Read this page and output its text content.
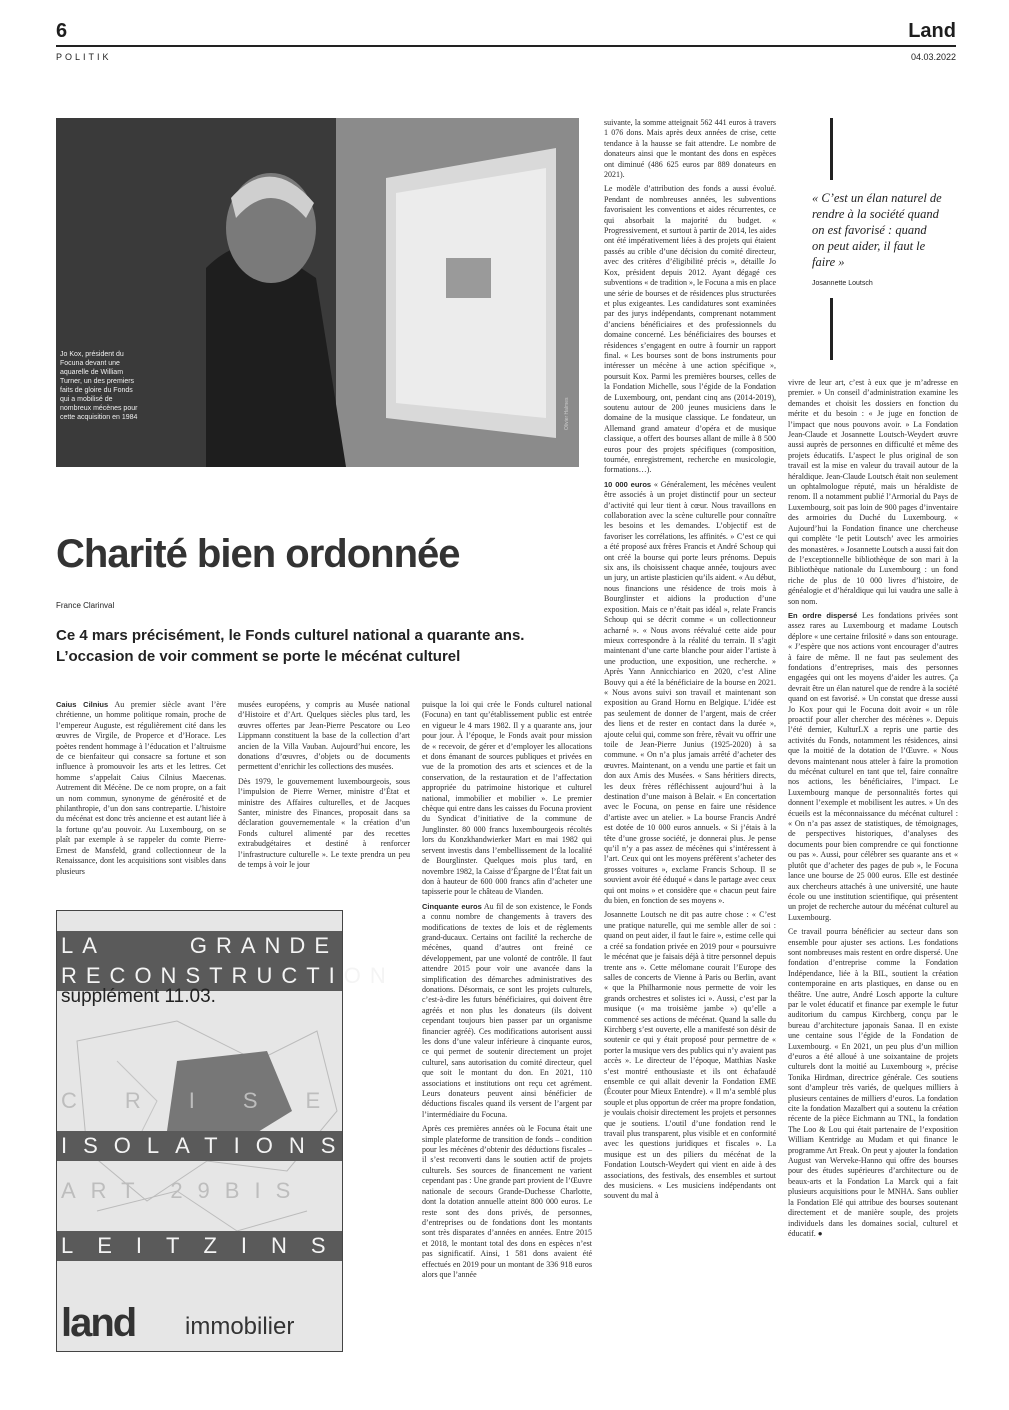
6
POLITIK
Land
04.03.2022
Jo Kox, président du Focuna devant une aquarelle de William Turner, un des premiers faits de gloire du Fonds qui a mobilisé de nombreux mécènes pour cette acquisition en 1984	Olivier Halmes
Charité bien ordonnée
France Clarinval
Ce 4 mars précisément, le Fonds culturel national a quarante ans. L’occasion de voir comment se porte le mécénat culturel

Caius Cilnius Au premier siècle avant l’ère chrétienne, un homme politique romain, proche de l’empereur Auguste, est régulièrement cité dans les œuvres de Virgile, de Properce et d’Horace. Les poètes rendent hommage à l’éducation et l’altruisme de ce bienfaiteur qui consacre sa fortune et son influence à promouvoir les arts et les lettres. Cet homme s’appelait Caius Cilnius Maecenas. Autrement dit Mécène. De ce nom propre, on a fait un nom commun, synonyme de générosité et de philanthropie, d’un don sans contrepartie. L’histoire du mécénat est donc très ancienne et est autant liée à la fortune qu’au pouvoir. Au Luxembourg, on se plaît par exemple à se rappeler du comte Pierre-Ernest de Mansfeld, grand collectionneur de la Renaissance, dont les acquisitions sont visibles dans plusieurs

musées européens, y compris au Musée national d’Histoire et d’Art. Quelques siècles plus tard, les œuvres offertes par Jean-Pierre Pescatore ou Leo Lippmann constituent la base de la collection d’art ancien de la Villa Vauban. Aujourd’hui encore, les donations d’œuvres, d’objets ou de documents permettent d’enrichir les collections des musées.

Dès 1979, le gouvernement luxembourgeois, sous l’impulsion de Pierre Werner, ministre d’État et ministre des Affaires culturelles, et de Jacques Santer, ministre des Finances, proposait dans sa déclaration gouvernementale « la création d’un Fonds culturel alimenté par des recettes extrabudgétaires et destiné à renforcer l’infrastructure culturelle ». Le texte prendra un peu de temps à voir le jour

puisque la loi qui crée le Fonds culturel national (Focuna) en tant qu’établissement public est entrée en vigueur le 4 mars 1982. Il y a quarante ans, jour pour jour. À l’époque, le Fonds avait pour mission de « recevoir, de gérer et d’employer les allocations et dons émanant de sources publiques et privées en vue de la promotion des arts et sciences et de la conservation, de la restauration et de l’affectation appropriée du patrimoine historique et culturel national, immobilier et mobilier ». Le premier chèque qui entre dans les caisses du Focuna provient du Syndicat d’initiative de la commune de Junglinster. 80 000 francs luxembourgeois récoltés lors du Konzkhandwierker Mart en mai 1982 qui servent investis dans l’embellissement de la localité de Bourglinster. Quelques mois plus tard, en novembre 1982, la Caisse d’Épargne de l’État fait un don à hauteur de 600 000 francs afin d’acheter une tapisserie pour le château de Vianden.

Cinquante euros Au fil de son existence, le Fonds a connu nombre de changements à travers des modifications de textes de lois et de règlements grand-ducaux. Certains ont facilité la recherche de mécènes, quand d’autres ont freiné ce développement, par une volonté de contrôle. Il faut attendre 2015 pour voir une avancée dans la simplification des démarches administratives des donations. Désormais, ce sont les projets culturels, c’est-à-dire les futurs bénéficiaires, qui doivent être agréés et non plus les donateurs (ils doivent cependant toujours bien passer par un organisme financier agréé). Ces modifications autorisent aussi les dons d’une valeur inférieure à cinquante euros, ce qui permet de soutenir directement un projet culturel, sans autorisation du comité directeur, quel que soit le montant du don. En 2021, 110 associations et institutions ont reçu cet agrément. Leurs donateurs peuvent ainsi bénéficier de déductions fiscales quand ils versent de l’argent par l’intermédiaire du Focuna.

Après ces premières années où le Focuna était une simple plateforme de transition de fonds – condition pour les mécènes d’obtenir des déductions fiscales – il s’est reconverti dans le soutien actif de projets culturels. Ses sources de financement ne varient cependant pas : Une grande part provient de l’Œuvre nationale de secours Grande-Duchesse Charlotte, dont la dotation annuelle atteint 800 000 euros. Le reste sont des dons privés, de personnes, d’entreprises ou de fondations dont les montants sont très disparates d’années en années. Entre 2015 et 2018, le montant total des dons en espèces n’est pas significatif. Ainsi, 1 581 dons avaient été effectués en 2019 pour un montant de 336 918 euros alors que l’année

suivante, la somme atteignait 562 441 euros à travers 1 076 dons. Mais après deux années de crise, cette tendance à la hausse se fait attendre. Le nombre de donateurs ainsi que le montant des dons en espèces ont diminué (486 625 euros par 889 donateurs en 2021).

Le modèle d’attribution des fonds a aussi évolué. Pendant de nombreuses années, les subventions favorisaient les conventions et aides récurrentes, ce qui absorbait la majorité du budget. « Progressivement, et surtout à partir de 2014, les aides ont été impérativement liées à des projets qui étaient passés au crible d’une décision du comité directeur, avec des critères d’éligibilité précis », détaille Jo Kox, président depuis 2012. Ayant dégagé ces subventions « de tradition », le Focuna a mis en place une série de bourses et de résidences plus structurées et plus exigeantes. Les candidatures sont examinées par des jurys indépendants, comprenant notamment d’anciens bénéficiaires et des professionnels du domaine concerné. Les bénéficiaires des bourses et résidences s’engagent en outre à fournir un rapport final. « Les bourses sont de bons instruments pour intéresser un mécène à une action spécifique », poursuit Kox. Parmi les premières bourses, celles de la Fondation Michelle, sous l’égide de la Fondation de Luxembourg, ont, pendant cinq ans (2014-2019), soutenu autour de 200 jeunes musiciens dans le domaine de la musique classique. Le fondateur, un Allemand grand amateur d’opéra et de musique classique, a offert des bourses allant de mille à 8 500 euros pour des projets spécifiques (composition, tournée, enregistrement, recherche en musicologie, formations…).

10 000 euros « Généralement, les mécènes veulent être associés à un projet distinctif pour un secteur d’activité qui leur tient à cœur. Nous travaillons en collaboration avec la scène culturelle pour connaître les besoins et les demandes. L’objectif est de favoriser les corrélations, les affinités. » C’est ce qui a été proposé aux frères Francis et André Schoup qui ont créé la bourse qui porte leurs prénoms. Depuis six ans, ils choisissent chaque année, toujours avec un jury, un artiste plasticien qu’ils aident. « Au début, nous financions une résidence de trois mois à Bourglinster et aidions la production d’une exposition. Mais ce n’était pas idéal », relate Francis Schoup qui se décrit comme « un collectionneur acharné ». « Nous avons réévalué cette aide pour mieux correspondre à la réalité du terrain. Il s’agit maintenant d’une carte blanche pour aider l’artiste à une production, une exposition, une recherche. » Après Yann Annicchiarico en 2020, c’est Aline Bouvy qui a été la bénéficiaire de la bourse en 2021. « Nous avons suivi son travail et maintenant son exposition au Grand Hornu en Belgique. L’idée est pas seulement de donner de l’argent, mais de créer des liens et de rester en contact dans la durée », ajoute celui qui, comme son frère, rêvait vu offrir une toile de Jean-Pierre Junius (1925-2020) à sa commune. « On n’a plus jamais arrêté d’acheter des œuvres. Maintenant, on a vendu une partie et fait un don aux Amis des Musées. « Sans héritiers directs, les deux frères réfléchissent aujourd’hui à la destination d’une maison à Belair. « En concertation avec le Focuna, on pense en faire une résidence d’artiste avec un atelier. » La bourse Francis André est dotée de 10 000 euros annuels. « Si j’étais à la tête d’une grosse société, je donnerai plus. Je pense qu’il n’y a pas assez de mécènes qui s’intéressent à l’art. Ceux qui ont les moyens préfèrent s’acheter des grosses voitures », exclame Francis Schoup. Il se souvient avoir été éduqué « dans le partage avec ceux qui ont moins » et considère que « chacun peut faire du bien, en fonction de ses moyens ».

Josannette Loutsch ne dit pas autre chose : « C’est une pratique naturelle, qui me semble aller de soi : quand on peut aider, il faut le faire », estime celle qui a créé sa fondation privée en 2019 pour « poursuivre le mécénat que je faisais déjà à titre personnel depuis trente ans ». Cette mélomane courait l’Europe des salles de concerts de Vienne à Paris ou Berlin, avant « que la Philharmonie nous permette de voir les grands orchestres et solistes ici ». Aussi, c’est par la musique (« ma troisième jambe ») qu’elle a commencé ses actions de mécénat. Quand la salle du Kirchberg s’est ouverte, elle a manifesté son désir de soutenir ce qui y était proposé pour permettre de « porter la musique vers des publics qui n’y avaient pas accès ». Le directeur de l’époque, Matthias Naske s’est montré enthousiaste et ils ont échafaudé ensemble ce qui allait devenir la Fondation EME (Écouter pour Mieux Entendre). « Il m’a semblé plus souple et plus opportun de créer ma propre fondation, je voulais choisir directement les projets et personnes que je soutiens. L’outil d’une fondation rend le travail plus transparent, plus visible et en conformité avec les questions juridiques et fiscales ». La musique est un des piliers du mécénat de la Fondation Loutsch-Weydert qui vient en aide à des associations, des festivals, des ensembles et surtout des musiciens. « Les musiciens indépendants ont souvent du mal à

« C’est un élan naturel de rendre à la société quand on est favorisé : quand on peut aider, il faut le faire »
Josannette Loutsch

vivre de leur art, c’est à eux que je m’adresse en premier. » Un conseil d’administration examine les demandes et choisit les dossiers en fonction du mérite et du besoin : « Je juge en fonction de l’impact que nous pouvons avoir. » La Fondation Jean-Claude et Josannette Loutsch-Weydert œuvre aussi auprès de personnes en difficulté et même des projets éducatifs. L’aspect le plus original de son travail est la mise en valeur du travail autour de la héraldique. Jean-Claude Loutsch était non seulement un ophtalmologue réputé, mais un héraldiste de renom. Il a notamment publié l’Armorial du Pays de Luxembourg, soit pas loin de 900 pages d’inventaire des armoiries du Duché du Luxembourg. « Aujourd’hui la Fondation finance une chercheuse qui complète ‘le petit Loutsch’ avec les armoiries des monastères. » Josannette Loutsch a aussi fait don de l’exceptionnelle bibliothèque de son mari à la Bibliothèque nationale du Luxembourg : un fond riche de plus de 10 000 livres d’histoire, de généalogie et d’héraldique qui lui vaudra une salle à son nom.

En ordre dispersé Les fondations privées sont assez rares au Luxembourg et madame Loutsch déplore « une certaine frilosité » dans son entourage. « J’espère que nos actions vont encourager d’autres à faire de même. Il ne faut pas seulement des fondations d’entreprises, mais des personnes engagées qui ont les moyens d’aider les autres. Ça devrait être un élan naturel que de rendre à la société quand on est favorisé. » Un constat que dresse aussi Jo Kox pour qui le Focuna doit avoir « un rôle proactif pour aller chercher des mécènes ». Depuis l’été dernier, KulturLX a repris une partie des activités du Fonds, notamment les résidences, ainsi que la moitié de la dotation de l’Œuvre. « Nous devons maintenant nous atteler à faire la promotion du mécénat culturel en tant que tel, faire connaître nos actions, les bénéficiaires, l’impact. Le Luxembourg manque de personnalités fortes qui donnent l’exemple et mobilisent les autres. » Un des écueils est la méconnaissance du mécénat culturel : « On n’a pas assez de statistiques, de témoignages, de perspectives historiques, d’analyses des documents pour bien comprendre ce qui fonctionne ou pas ». Aussi, pour célébrer ses quarante ans et « plutôt que d’acheter des pages de pub », le Focuna lance une bourse de 25 000 euros. Elle est destinée aux chercheurs attachés à une université, une haute école ou une institution scientifique, qui présentent un projet de recherche autour du mécénat culturel au Luxembourg.

Ce travail pourra bénéficier au secteur dans son ensemble pour ajuster ses actions. Les fondations sont nombreuses mais restent en ordre dispersé. Une fondation d’entreprise comme la Fondation Indépendance, liée à la BIL, soutient la création contemporaine en arts plastiques, en danse ou en théâtre. Une autre, André Losch apporte la culture par le volet éducatif et finance par exemple le futur auditorium du campus Kirchberg, conçu par le bureau d’architecture japonais Sanaa. Il en existe une centaine sous l’égide de la Fondation de Luxembourg. « En 2021, un peu plus d’un million d’euros a été alloué à une soixantaine de projets culturels dont la moitié au Luxembourg », précise Tonika Hirdman, directrice générale. Ces soutiens sont d’ampleur très variés, de quelques milliers à plusieurs centaines de milliers d’euros. La fondation cite la fondation Mazalbert qui a soutenu la création récente de la pièce Eichmann au TNL, la fondation The Loo & Lou qui était partenaire de l’exposition William Kentridge au Mudam et qui finance le programme Art Freak. On peut y ajouter la fondation August van Werveke-Hanno qui offre des bourses pour des études supérieures d’architecture ou de beaux-arts et la Fondation La Marck qui a fait plusieurs acquisitions pour le MNHA. Sans oublier la Fondation Elé qui attribue des bourses soutenant directement et de manière souple, des projets individuels dans les domaines social, culturel et éducatif. ●

LA	GRANDE
RECONSTRUCTION
supplément 11.03.
CRISE
ISOLATIONS
ART 29BIS
LEITZINS
land immobilier
